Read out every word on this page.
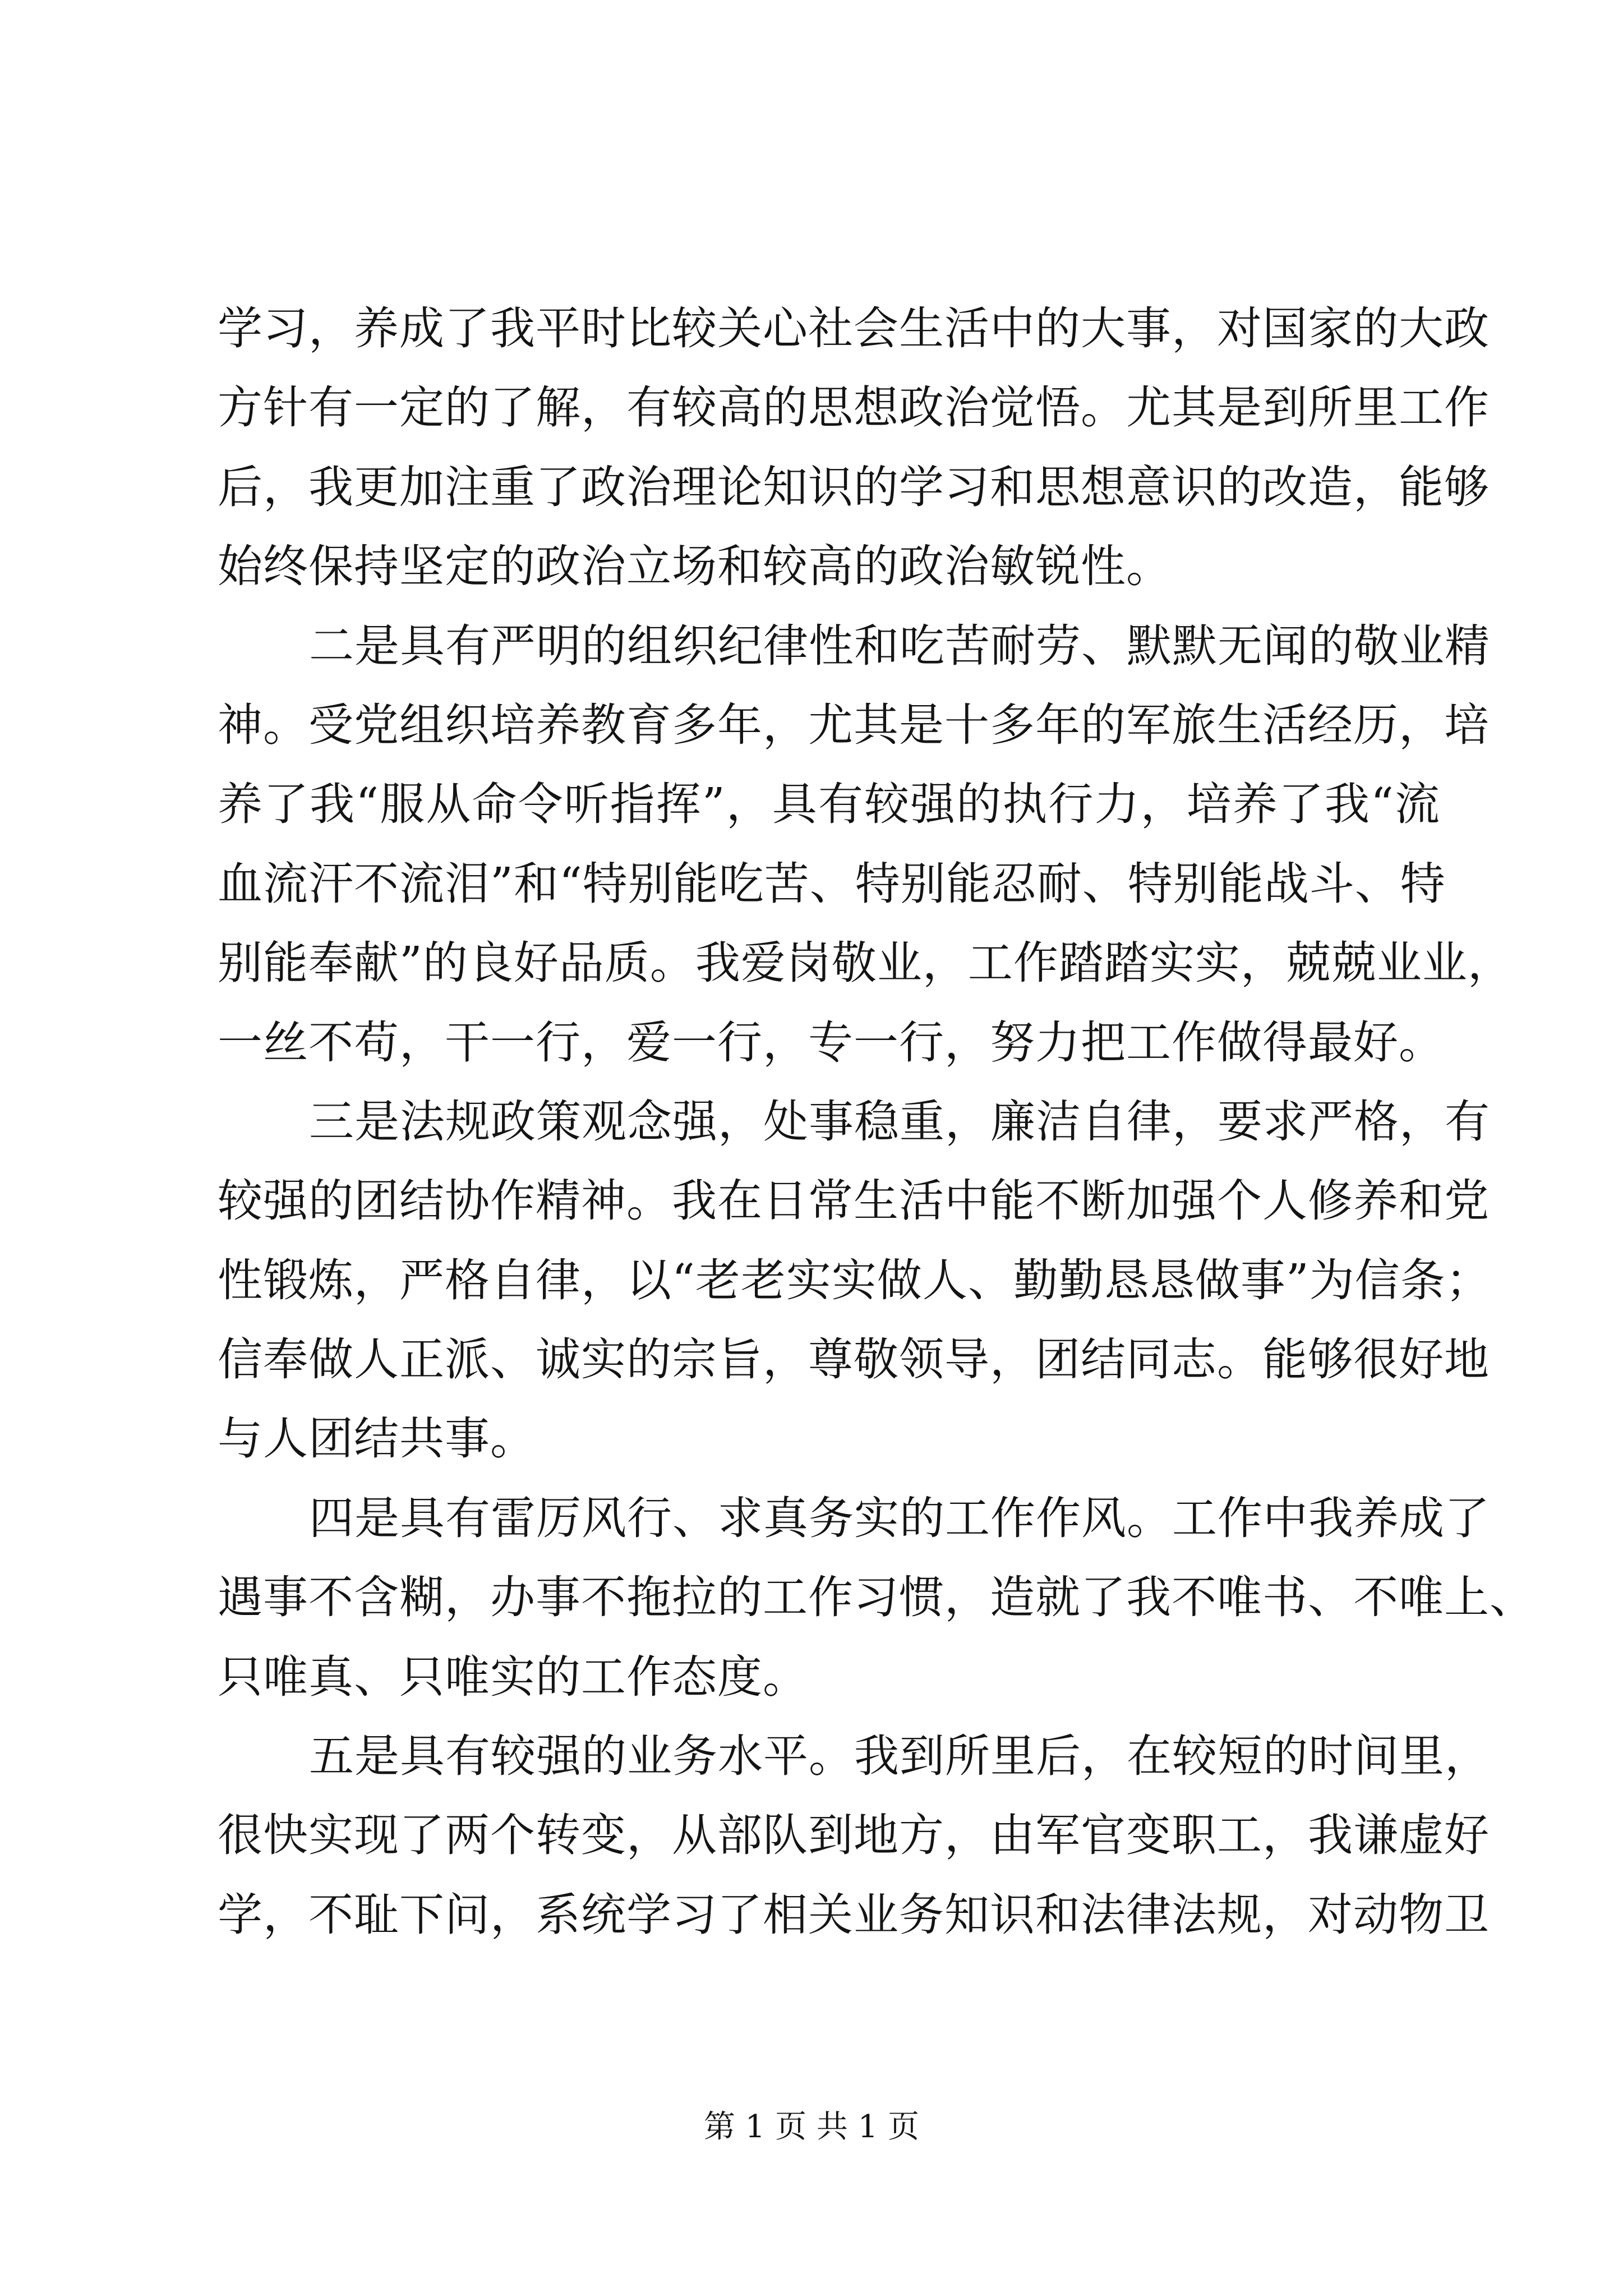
学习，养成了我平时比较关心社会生活中的大事，对国家的大政
方针有一定的了解，有较高的思想政治觉悟。尤其是到所里工作
后，我更加注重了政治理论知识的学习和思想意识的改造，能够
始终保持坚定的政治立场和较高的政治敏锐性。
二是具有严明的组织纪律性和吃苦耐劳、默默无闻的敬业精
神。受党组织培养教育多年，尤其是十多年的军旅生活经历，培
养了我“服从命令听指挥”，具有较强的执行力，培养了我“流
血流汗不流泪”和“特别能吃苦、特别能忍耐、特别能战斗、特
别能奉献”的良好品质。我爱岗敬业，工作踏踏实实，兢兢业业，
一丝不苟，干一行，爱一行，专一行，努力把工作做得最好。
三是法规政策观念强，处事稳重，廉洁自律，要求严格，有
较强的团结协作精神。我在日常生活中能不断加强个人修养和党
性锻炼，严格自律，以“老老实实做人、勤勤恳恳做事”为信条；
信奉做人正派、诚实的宗旨，尊敬领导，团结同志。能够很好地
与人团结共事。
四是具有雷厉风行、求真务实的工作作风。工作中我养成了
遇事不含糊，办事不拖拉的工作习惯，造就了我不唯书、不唯上、
只唯真、只唯实的工作态度。
五是具有较强的业务水平。我到所里后，在较短的时间里，
很快实现了两个转变，从部队到地方，由军官变职工，我谦虚好
学，不耻下问，系统学习了相关业务知识和法律法规，对动物卫
第 1 页 共 1 页
